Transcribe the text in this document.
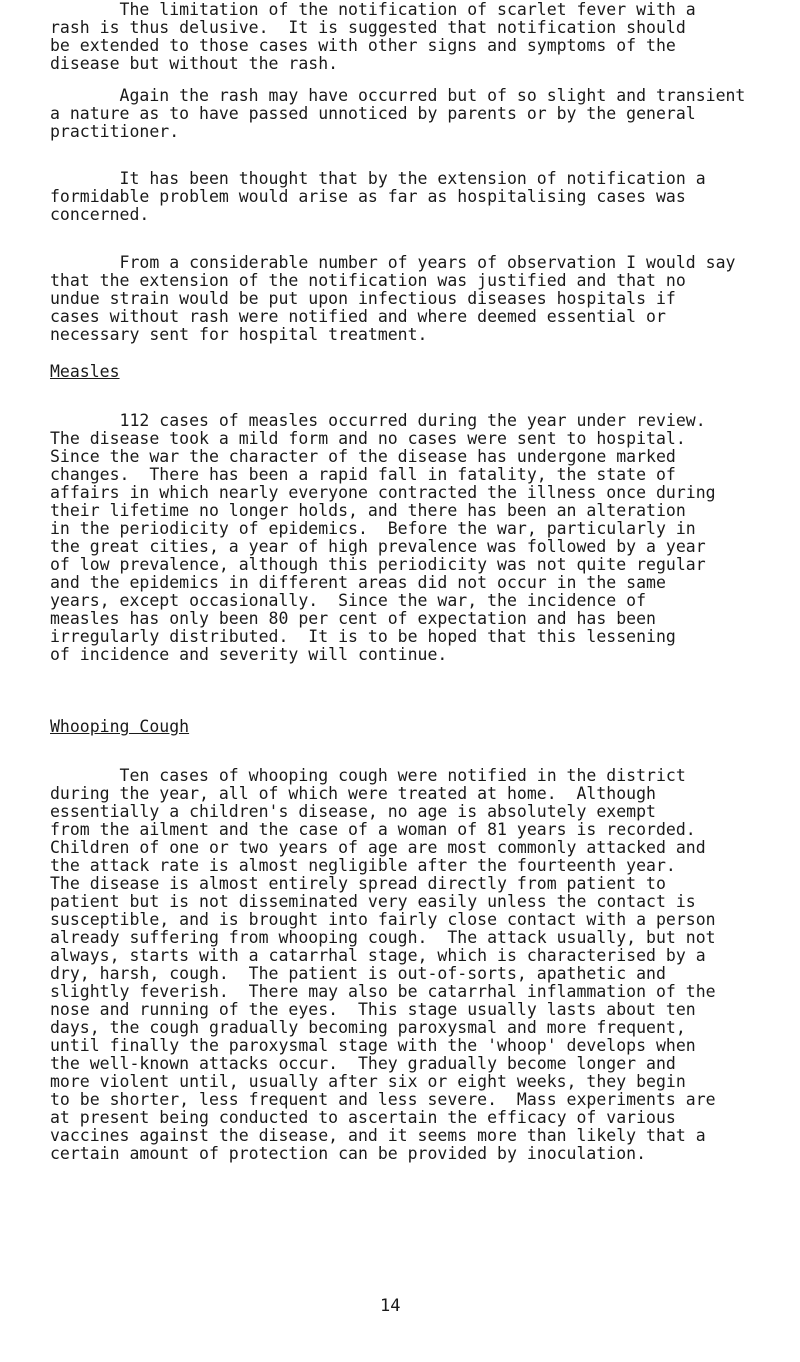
The limitation of the notification of scarlet fever with a
rash is thus delusive.  It is suggested that notification should
be extended to those cases with other signs and symptoms of the
disease but without the rash.

Again the rash may have occurred but of so slight and transient
a nature as to have passed unnoticed by parents or by the general
practitioner.

It has been thought that by the extension of notification a
formidable problem would arise as far as hospitalising cases was
concerned.

From a considerable number of years of observation I would say
that the extension of the notification was justified and that no
undue strain would be put upon infectious diseases hospitals if
cases without rash were notified and where deemed essential or
necessary sent for hospital treatment.

Measles

112 cases of measles occurred during the year under review.
The disease took a mild form and no cases were sent to hospital.
Since the war the character of the disease has undergone marked
changes.  There has been a rapid fall in fatality, the state of
affairs in which nearly everyone contracted the illness once during
their lifetime no longer holds, and there has been an alteration
in the periodicity of epidemics.  Before the war, particularly in
the great cities, a year of high prevalence was followed by a year
of low prevalence, although this periodicity was not quite regular
and the epidemics in different areas did not occur in the same
years, except occasionally.  Since the war, the incidence of
measles has only been 80 per cent of expectation and has been
irregularly distributed.  It is to be hoped that this lessening
of incidence and severity will continue.

Whooping Cough

Ten cases of whooping cough were notified in the district
during the year, all of which were treated at home.  Although
essentially a children's disease, no age is absolutely exempt
from the ailment and the case of a woman of 81 years is recorded.
Children of one or two years of age are most commonly attacked and
the attack rate is almost negligible after the fourteenth year.
The disease is almost entirely spread directly from patient to
patient but is not disseminated very easily unless the contact is
susceptible, and is brought into fairly close contact with a person
already suffering from whooping cough.  The attack usually, but not
always, starts with a catarrhal stage, which is characterised by a
dry, harsh, cough.  The patient is out-of-sorts, apathetic and
slightly feverish.  There may also be catarrhal inflammation of the
nose and running of the eyes.  This stage usually lasts about ten
days, the cough gradually becoming paroxysmal and more frequent,
until finally the paroxysmal stage with the 'whoop' develops when
the well-known attacks occur.  They gradually become longer and
more violent until, usually after six or eight weeks, they begin
to be shorter, less frequent and less severe.  Mass experiments are
at present being conducted to ascertain the efficacy of various
vaccines against the disease, and it seems more than likely that a
certain amount of protection can be provided by inoculation.

14
